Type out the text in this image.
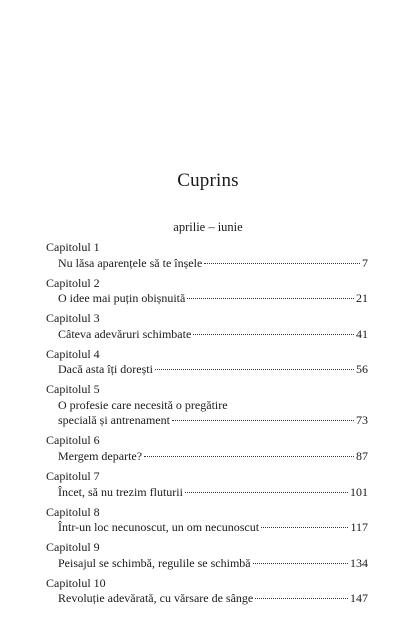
Cuprins
aprilie – iunie
Capitolul 1
Nu lăsa aparențele să te înșele	7
Capitolul 2
O idee mai puțin obișnuită	21
Capitolul 3
Câteva adevăruri schimbate	41
Capitolul 4
Dacă asta îți dorești	56
Capitolul 5
O profesie care necesită o pregătire
specială și antrenament	73
Capitolul 6
Mergem departe?	87
Capitolul 7
Încet, să nu trezim fluturii	101
Capitolul 8
Într-un loc necunoscut, un om necunoscut	117
Capitolul 9
Peisajul se schimbă, regulile se schimbă	134
Capitolul 10
Revoluție adevărată, cu vărsare de sânge	147
